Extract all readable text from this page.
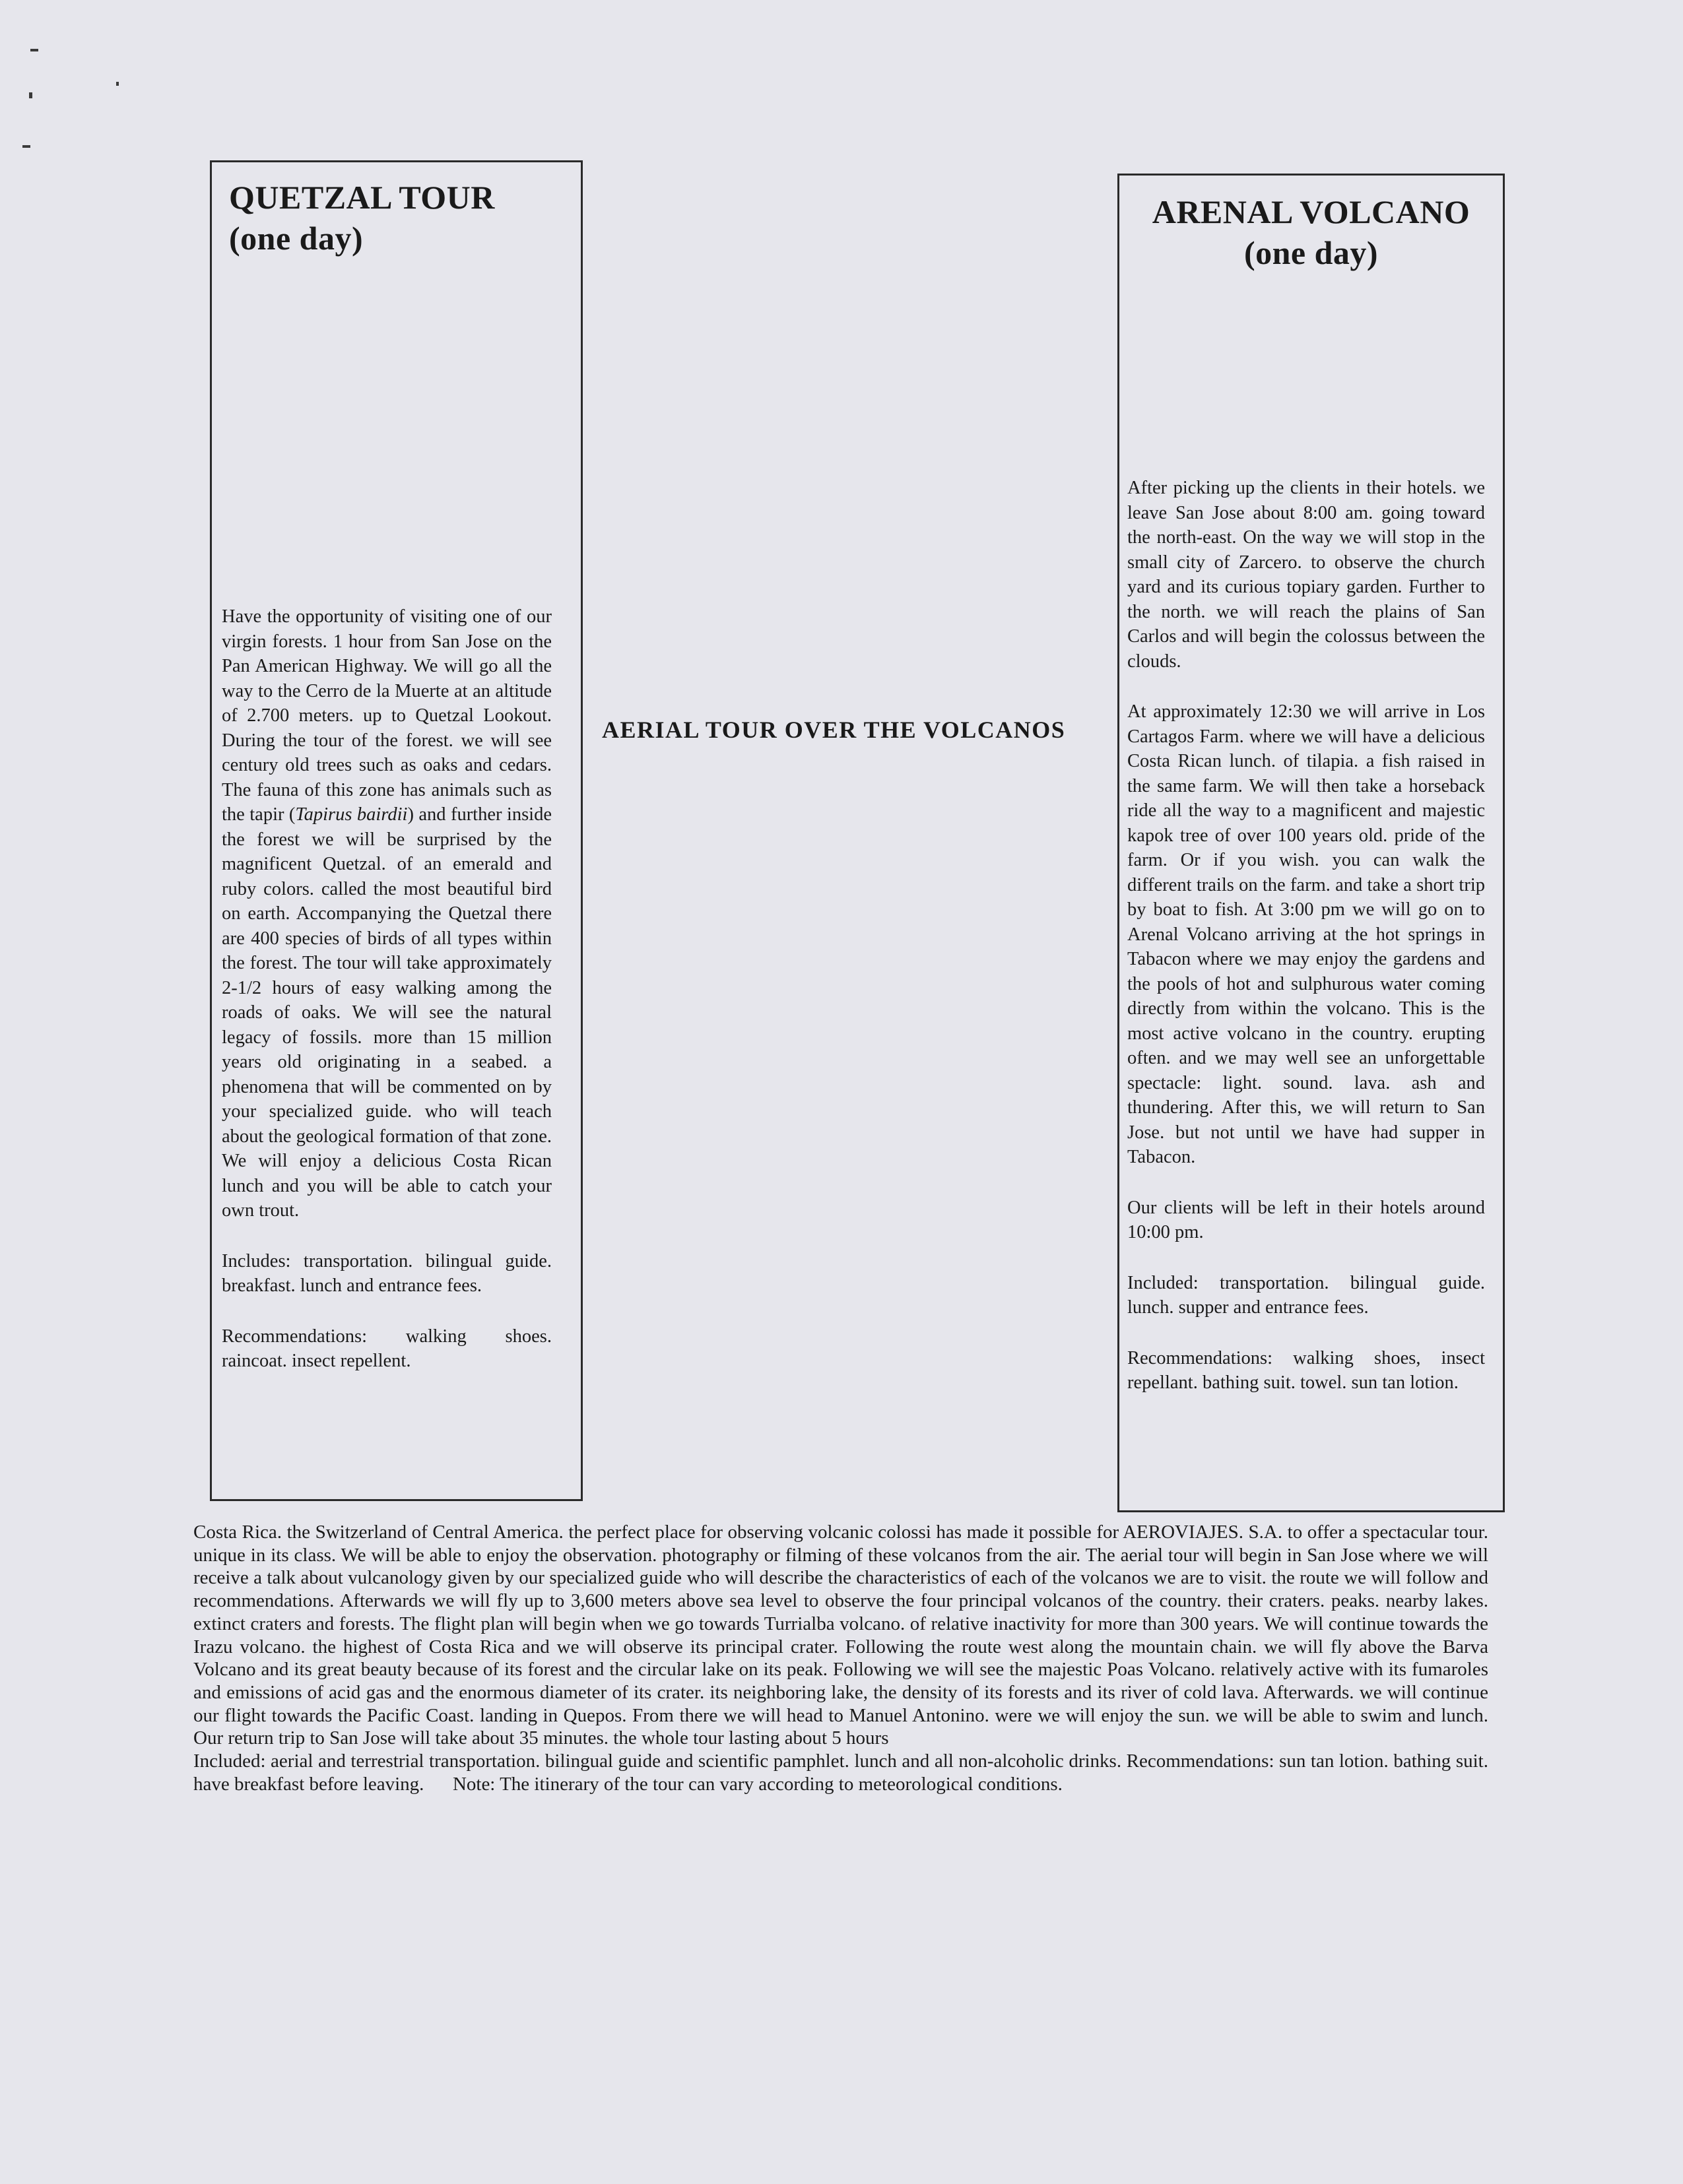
QUETZAL TOUR
(one day)

Have the opportunity of visiting one of our virgin forests. 1 hour from San Jose on the Pan American Highway. We will go all the way to the Cerro de la Muerte at an altitude of 2.700 meters. up to Quetzal Lookout. During the tour of the forest. we will see century old trees such as oaks and cedars. The fauna of this zone has animals such as the tapir (Tapirus bairdii) and further inside the forest we will be surprised by the magnificent Quetzal. of an emerald and ruby colors. called the most beautiful bird on earth. Accompanying the Quetzal there are 400 species of birds of all types within the forest. The tour will take approximately 2-1/2 hours of easy walking among the roads of oaks. We will see the natural legacy of fossils. more than 15 million years old originating in a seabed. a phenomena that will be commented on by your specialized guide. who will teach about the geological formation of that zone. We will enjoy a delicious Costa Rican lunch and you will be able to catch your own trout.

Includes: transportation. bilingual guide. breakfast. lunch and entrance fees.

Recommendations: walking shoes. raincoat. insect repellent.

AERIAL TOUR OVER THE VOLCANOS
ARENAL VOLCANO
(one day)

After picking up the clients in their hotels. we leave San Jose about 8:00 am. going toward the north-east. On the way we will stop in the small city of Zarcero. to observe the church yard and its curious topiary garden. Further to the north. we will reach the plains of San Carlos and will begin the colossus between the clouds.

At approximately 12:30 we will arrive in Los Cartagos Farm. where we will have a delicious Costa Rican lunch. of tilapia. a fish raised in the same farm. We will then take a horseback ride all the way to a magnificent and majestic kapok tree of over 100 years old. pride of the farm. Or if you wish. you can walk the different trails on the farm. and take a short trip by boat to fish. At 3:00 pm we will go on to Arenal Volcano arriving at the hot springs in Tabacon where we may enjoy the gardens and the pools of hot and sulphurous water coming directly from within the volcano. This is the most active volcano in the country. erupting often. and we may well see an unforgettable spectacle: light. sound. lava. ash and thundering. After this, we will return to San Jose. but not until we have had supper in Tabacon.

Our clients will be left in their hotels around 10:00 pm.

Included: transportation. bilingual guide. lunch. supper and entrance fees.

Recommendations: walking shoes, insect repellant. bathing suit. towel. sun tan lotion.

Costa Rica. the Switzerland of Central America. the perfect place for observing volcanic colossi has made it possible for AEROVIAJES. S.A. to offer a spectacular tour. unique in its class. We will be able to enjoy the observation. photography or filming of these volcanos from the air. The aerial tour will begin in San Jose where we will receive a talk about vulcanology given by our specialized guide who will describe the characteristics of each of the volcanos we are to visit. the route we will follow and recommendations. Afterwards we will fly up to 3,600 meters above sea level to observe the four principal volcanos of the country. their craters. peaks. nearby lakes. extinct craters and forests. The flight plan will begin when we go towards Turrialba volcano. of relative inactivity for more than 300 years. We will continue towards the Irazu volcano. the highest of Costa Rica and we will observe its principal crater. Following the route west along the mountain chain. we will fly above the Barva Volcano and its great beauty because of its forest and the circular lake on its peak. Following we will see the majestic Poas Volcano. relatively active with its fumaroles and emissions of acid gas and the enormous diameter of its crater. its neighboring lake, the density of its forests and its river of cold lava. Afterwards. we will continue our flight towards the Pacific Coast. landing in Quepos. From there we will head to Manuel Antonino. were we will enjoy the sun. we will be able to swim and lunch. Our return trip to San Jose will take about 35 minutes. the whole tour lasting about 5 hours

Included: aerial and terrestrial transportation. bilingual guide and scientific pamphlet. lunch and all non-alcoholic drinks. Recommendations: sun tan lotion. bathing suit. have breakfast before leaving. Note: The itinerary of the tour can vary according to meteorological conditions.
